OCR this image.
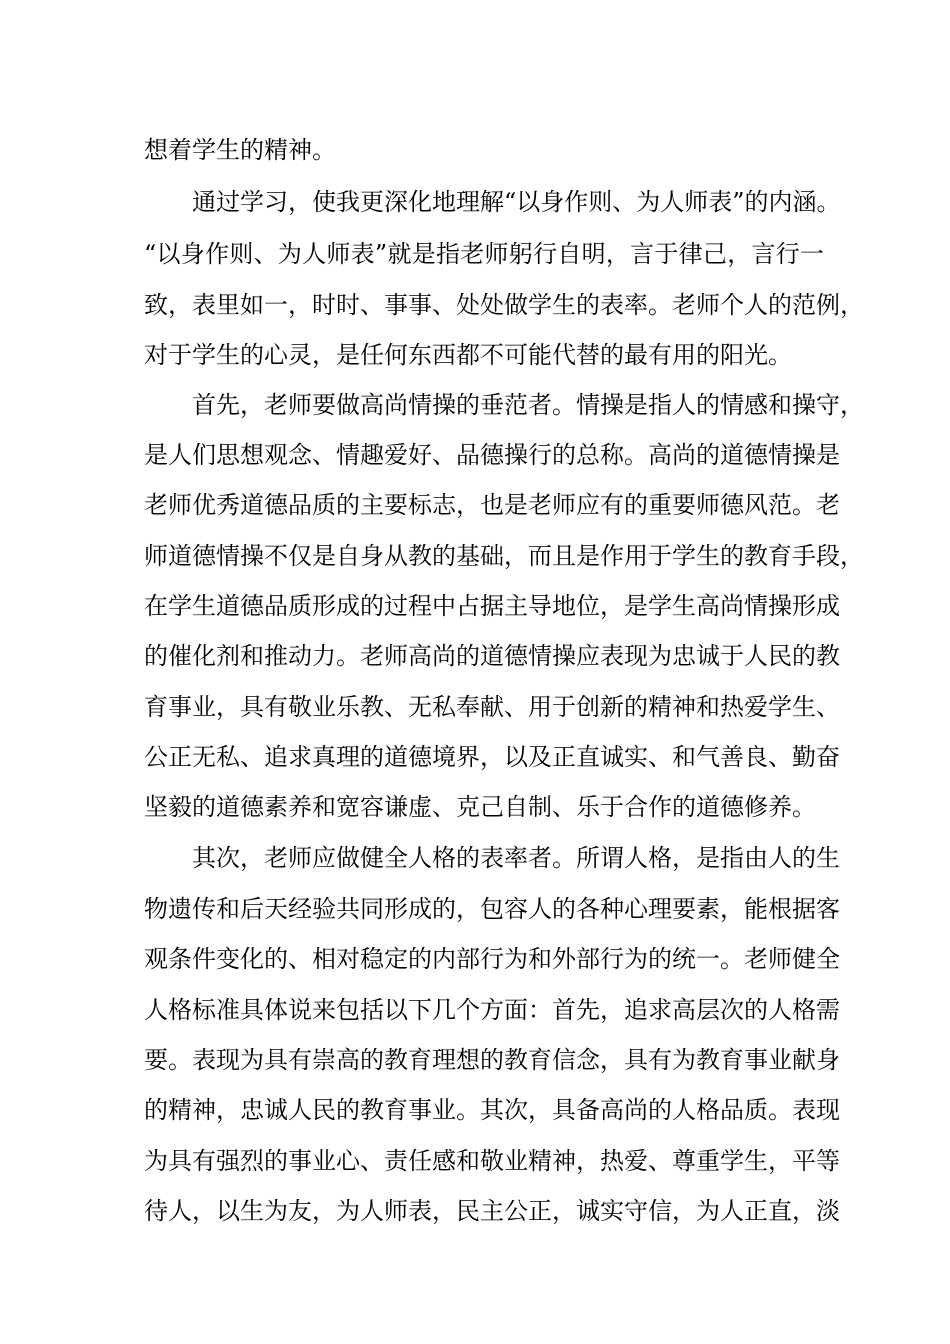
想着学生的精神。
通过学习，使我更深化地理解“以身作则、为人师表”的内涵。
“以身作则、为人师表”就是指老师躬行自明，言于律己，言行一
致，表里如一，时时、事事、处处做学生的表率。老师个人的范例，
对于学生的心灵，是任何东西都不可能代替的最有用的阳光。
首先，老师要做高尚情操的垂范者。情操是指人的情感和操守，
是人们思想观念、情趣爱好、品德操行的总称。高尚的道德情操是
老师优秀道德品质的主要标志，也是老师应有的重要师德风范。老
师道德情操不仅是自身从教的基础，而且是作用于学生的教育手段，
在学生道德品质形成的过程中占据主导地位，是学生高尚情操形成
的催化剂和推动力。老师高尚的道德情操应表现为忠诚于人民的教
育事业，具有敬业乐教、无私奉献、用于创新的精神和热爱学生、
公正无私、追求真理的道德境界，以及正直诚实、和气善良、勤奋
坚毅的道德素养和宽容谦虚、克己自制、乐于合作的道德修养。
其次，老师应做健全人格的表率者。所谓人格，是指由人的生
物遗传和后天经验共同形成的，包容人的各种心理要素，能根据客
观条件变化的、相对稳定的内部行为和外部行为的统一。老师健全
人格标准具体说来包括以下几个方面：首先，追求高层次的人格需
要。表现为具有崇高的教育理想的教育信念，具有为教育事业献身
的精神，忠诚人民的教育事业。其次，具备高尚的人格品质。表现
为具有强烈的事业心、责任感和敬业精神，热爱、尊重学生，平等
待人，以生为友，为人师表，民主公正，诚实守信，为人正直，淡
